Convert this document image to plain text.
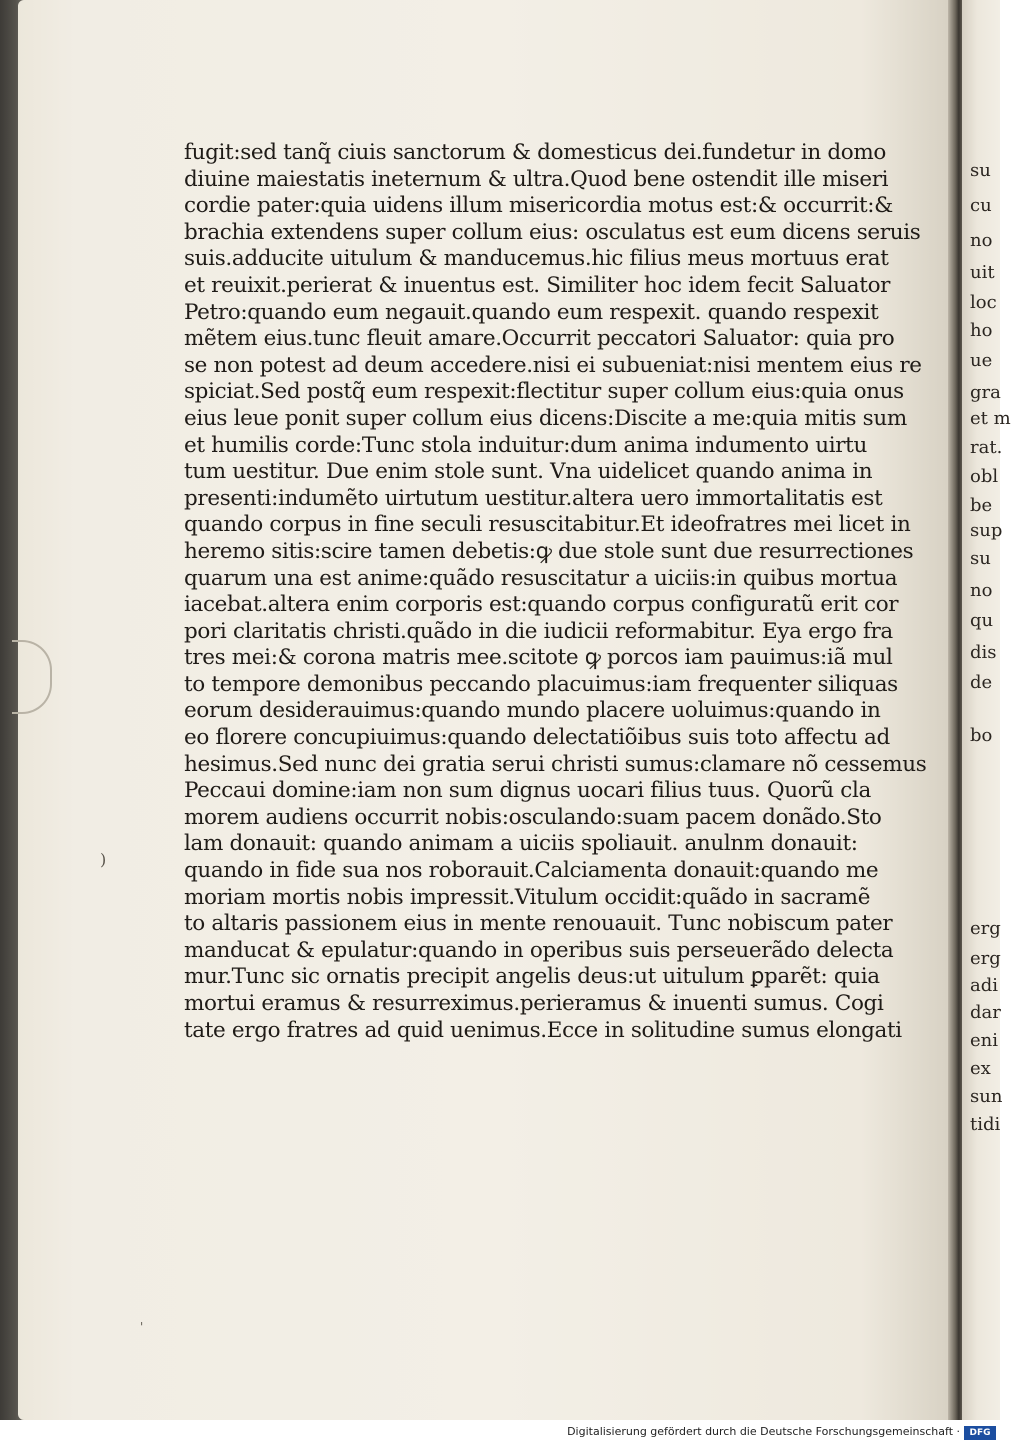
)
'
fugit:sed tanq̃ ciuis sanctorum & domesticus dei.fundetur in domo
diuine maiestatis ineternum & ultra.Quod bene ostendit ille miseri
cordie pater:quia uidens illum misericordia motus est:& occurrit:&
brachia extendens super collum eius: osculatus est eum dicens seruis
suis.adducite uitulum & manducemus.hic filius meus mortuus erat
et reuixit.perierat & inuentus est. Similiter hoc idem fecit Saluator
Petro:quando eum negauit.quando eum respexit. quando respexit
mẽtem eius.tunc fleuit amare.Occurrit peccatori Saluator: quia pro
se non potest ad deum accedere.nisi ei subueniat:nisi mentem eius re
spiciat.Sed postq̃ eum respexit:flectitur super collum eius:quia onus
eius leue ponit super collum eius dicens:Discite a me:quia mitis sum
et humilis corde:Tunc stola induitur:dum anima indumento uirtu
tum uestitur. Due enim stole sunt. Vna uidelicet quando anima in
presenti:indumẽto uirtutum uestitur.altera uero immortalitatis est
quando corpus in fine seculi resuscitabitur.Et ideofratres mei licet in
heremo sitis:scire tamen debetis:ꝙ due stole sunt due resurrectiones
quarum una est anime:quãdo resuscitatur a uiciis:in quibus mortua
iacebat.altera enim corporis est:quando corpus configuratũ erit cor
pori claritatis christi.quãdo in die iudicii reformabitur. Eya ergo fra
tres mei:& corona matris mee.scitote ꝙ porcos iam pauimus:iã mul
to tempore demonibus peccando placuimus:iam frequenter siliquas
eorum desiderauimus:quando mundo placere uoluimus:quando in
eo florere concupiuimus:quando delectatiõibus suis toto affectu ad
hesimus.Sed nunc dei gratia serui christi sumus:clamare nõ cessemus
Peccaui domine:iam non sum dignus uocari filius tuus. Quorũ cla
morem audiens occurrit nobis:osculando:suam pacem donãdo.Sto
lam donauit: quando animam a uiciis spoliauit. anulnm donauit:
quando in fide sua nos roborauit.Calciamenta donauit:quando me
moriam mortis nobis impressit.Vitulum occidit:quãdo in sacramẽ
to altaris passionem eius in mente renouauit. Tunc nobiscum pater
manducat & epulatur:quando in operibus suis perseuerãdo delecta
mur.Tunc sic ornatis precipit angelis deus:ut uitulum ꝑparẽt: quia
mortui eramus & resurreximus.perieramus & inuenti sumus. Cogi
tate ergo fratres ad quid uenimus.Ecce in solitudine sumus elongati
su
cu
no
uit
loc
ho
ue
gra
et m
rat.
obl
be
sup
su
no
qu
dis
de
bo
erg
erg
adi
dar
eni
ex
sun
tidi
Digitalisierung gefördert durch die Deutsche Forschungsgemeinschaft ·	DFG
